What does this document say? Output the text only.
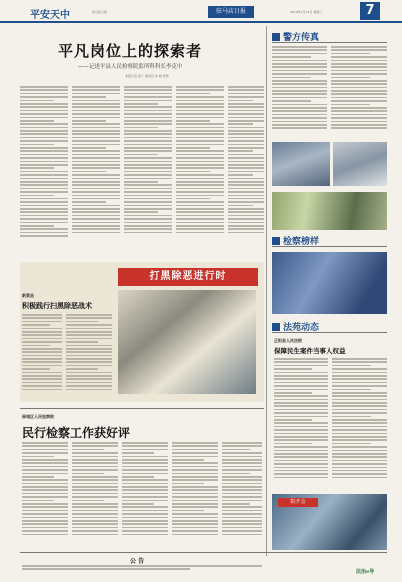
平安天中	驻马店日报	驻马店日报	2019年1月16日 星期三	7
平凡岗位上的探索者
——记述平县人民检察院监所科科长李克中
本报记者 张广 通讯员 李 晓 郑勇
警方传真
检察榜样
打黑除恶进行时
新蔡县
积极践行扫黑除恶战术
驿城区人民检察院
民行检察工作获好评
法苑动态
正阳县人民法院
保障民生案件当事人权益
院开会
公 告
法治e导
